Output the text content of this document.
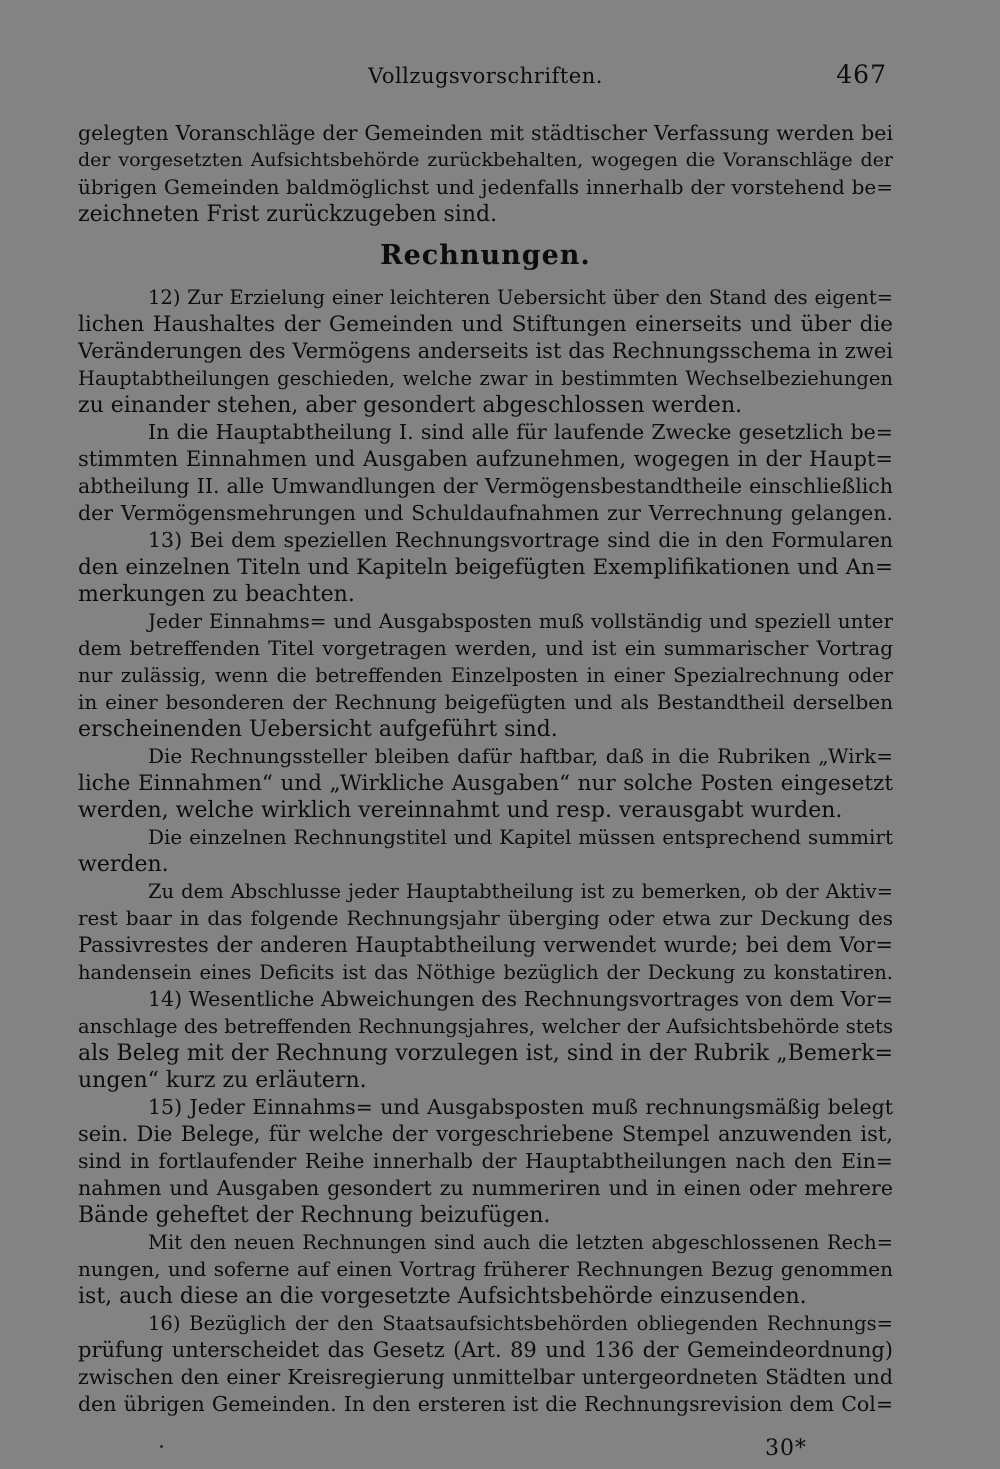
Vollzugsvorschriften.	467
gelegten Voranschläge der Gemeinden mit städtischer Verfassung werden bei
der vorgesetzten Aufsichtsbehörde zurückbehalten, wogegen die Voranschläge der
übrigen Gemeinden baldmöglichst und jedenfalls innerhalb der vorstehend be=
zeichneten Frist zurückzugeben sind.
Rechnungen.
12) Zur Erzielung einer leichteren Uebersicht über den Stand des eigent=
lichen Haushaltes der Gemeinden und Stiftungen einerseits und über die
Veränderungen des Vermögens anderseits ist das Rechnungsschema in zwei
Hauptabtheilungen geschieden, welche zwar in bestimmten Wechselbeziehungen
zu einander stehen, aber gesondert abgeschlossen werden.
In die Hauptabtheilung I. sind alle für laufende Zwecke gesetzlich be=
stimmten Einnahmen und Ausgaben aufzunehmen, wogegen in der Haupt=
abtheilung II. alle Umwandlungen der Vermögensbestandtheile einschließlich
der Vermögensmehrungen und Schuldaufnahmen zur Verrechnung gelangen.
13) Bei dem speziellen Rechnungsvortrage sind die in den Formularen
den einzelnen Titeln und Kapiteln beigefügten Exemplifikationen und An=
merkungen zu beachten.
Jeder Einnahms= und Ausgabsposten muß vollständig und speziell unter
dem betreffenden Titel vorgetragen werden, und ist ein summarischer Vortrag
nur zulässig, wenn die betreffenden Einzelposten in einer Spezialrechnung oder
in einer besonderen der Rechnung beigefügten und als Bestandtheil derselben
erscheinenden Uebersicht aufgeführt sind.
Die Rechnungssteller bleiben dafür haftbar, daß in die Rubriken „Wirk=
liche Einnahmen“ und „Wirkliche Ausgaben“ nur solche Posten eingesetzt
werden, welche wirklich vereinnahmt und resp. verausgabt wurden.
Die einzelnen Rechnungstitel und Kapitel müssen entsprechend summirt
werden.
Zu dem Abschlusse jeder Hauptabtheilung ist zu bemerken, ob der Aktiv=
rest baar in das folgende Rechnungsjahr überging oder etwa zur Deckung des
Passivrestes der anderen Hauptabtheilung verwendet wurde; bei dem Vor=
handensein eines Deficits ist das Nöthige bezüglich der Deckung zu konstatiren.
14) Wesentliche Abweichungen des Rechnungsvortrages von dem Vor=
anschlage des betreffenden Rechnungsjahres, welcher der Aufsichtsbehörde stets
als Beleg mit der Rechnung vorzulegen ist, sind in der Rubrik „Bemerk=
ungen“ kurz zu erläutern.
15) Jeder Einnahms= und Ausgabsposten muß rechnungsmäßig belegt
sein. Die Belege, für welche der vorgeschriebene Stempel anzuwenden ist,
sind in fortlaufender Reihe innerhalb der Hauptabtheilungen nach den Ein=
nahmen und Ausgaben gesondert zu nummeriren und in einen oder mehrere
Bände geheftet der Rechnung beizufügen.
Mit den neuen Rechnungen sind auch die letzten abgeschlossenen Rech=
nungen, und soferne auf einen Vortrag früherer Rechnungen Bezug genommen
ist, auch diese an die vorgesetzte Aufsichtsbehörde einzusenden.
16) Bezüglich der den Staatsaufsichtsbehörden obliegenden Rechnungs=
prüfung unterscheidet das Gesetz (Art. 89 und 136 der Gemeindeordnung)
zwischen den einer Kreisregierung unmittelbar untergeordneten Städten und
den übrigen Gemeinden. In den ersteren ist die Rechnungsrevision dem Col=
30*
